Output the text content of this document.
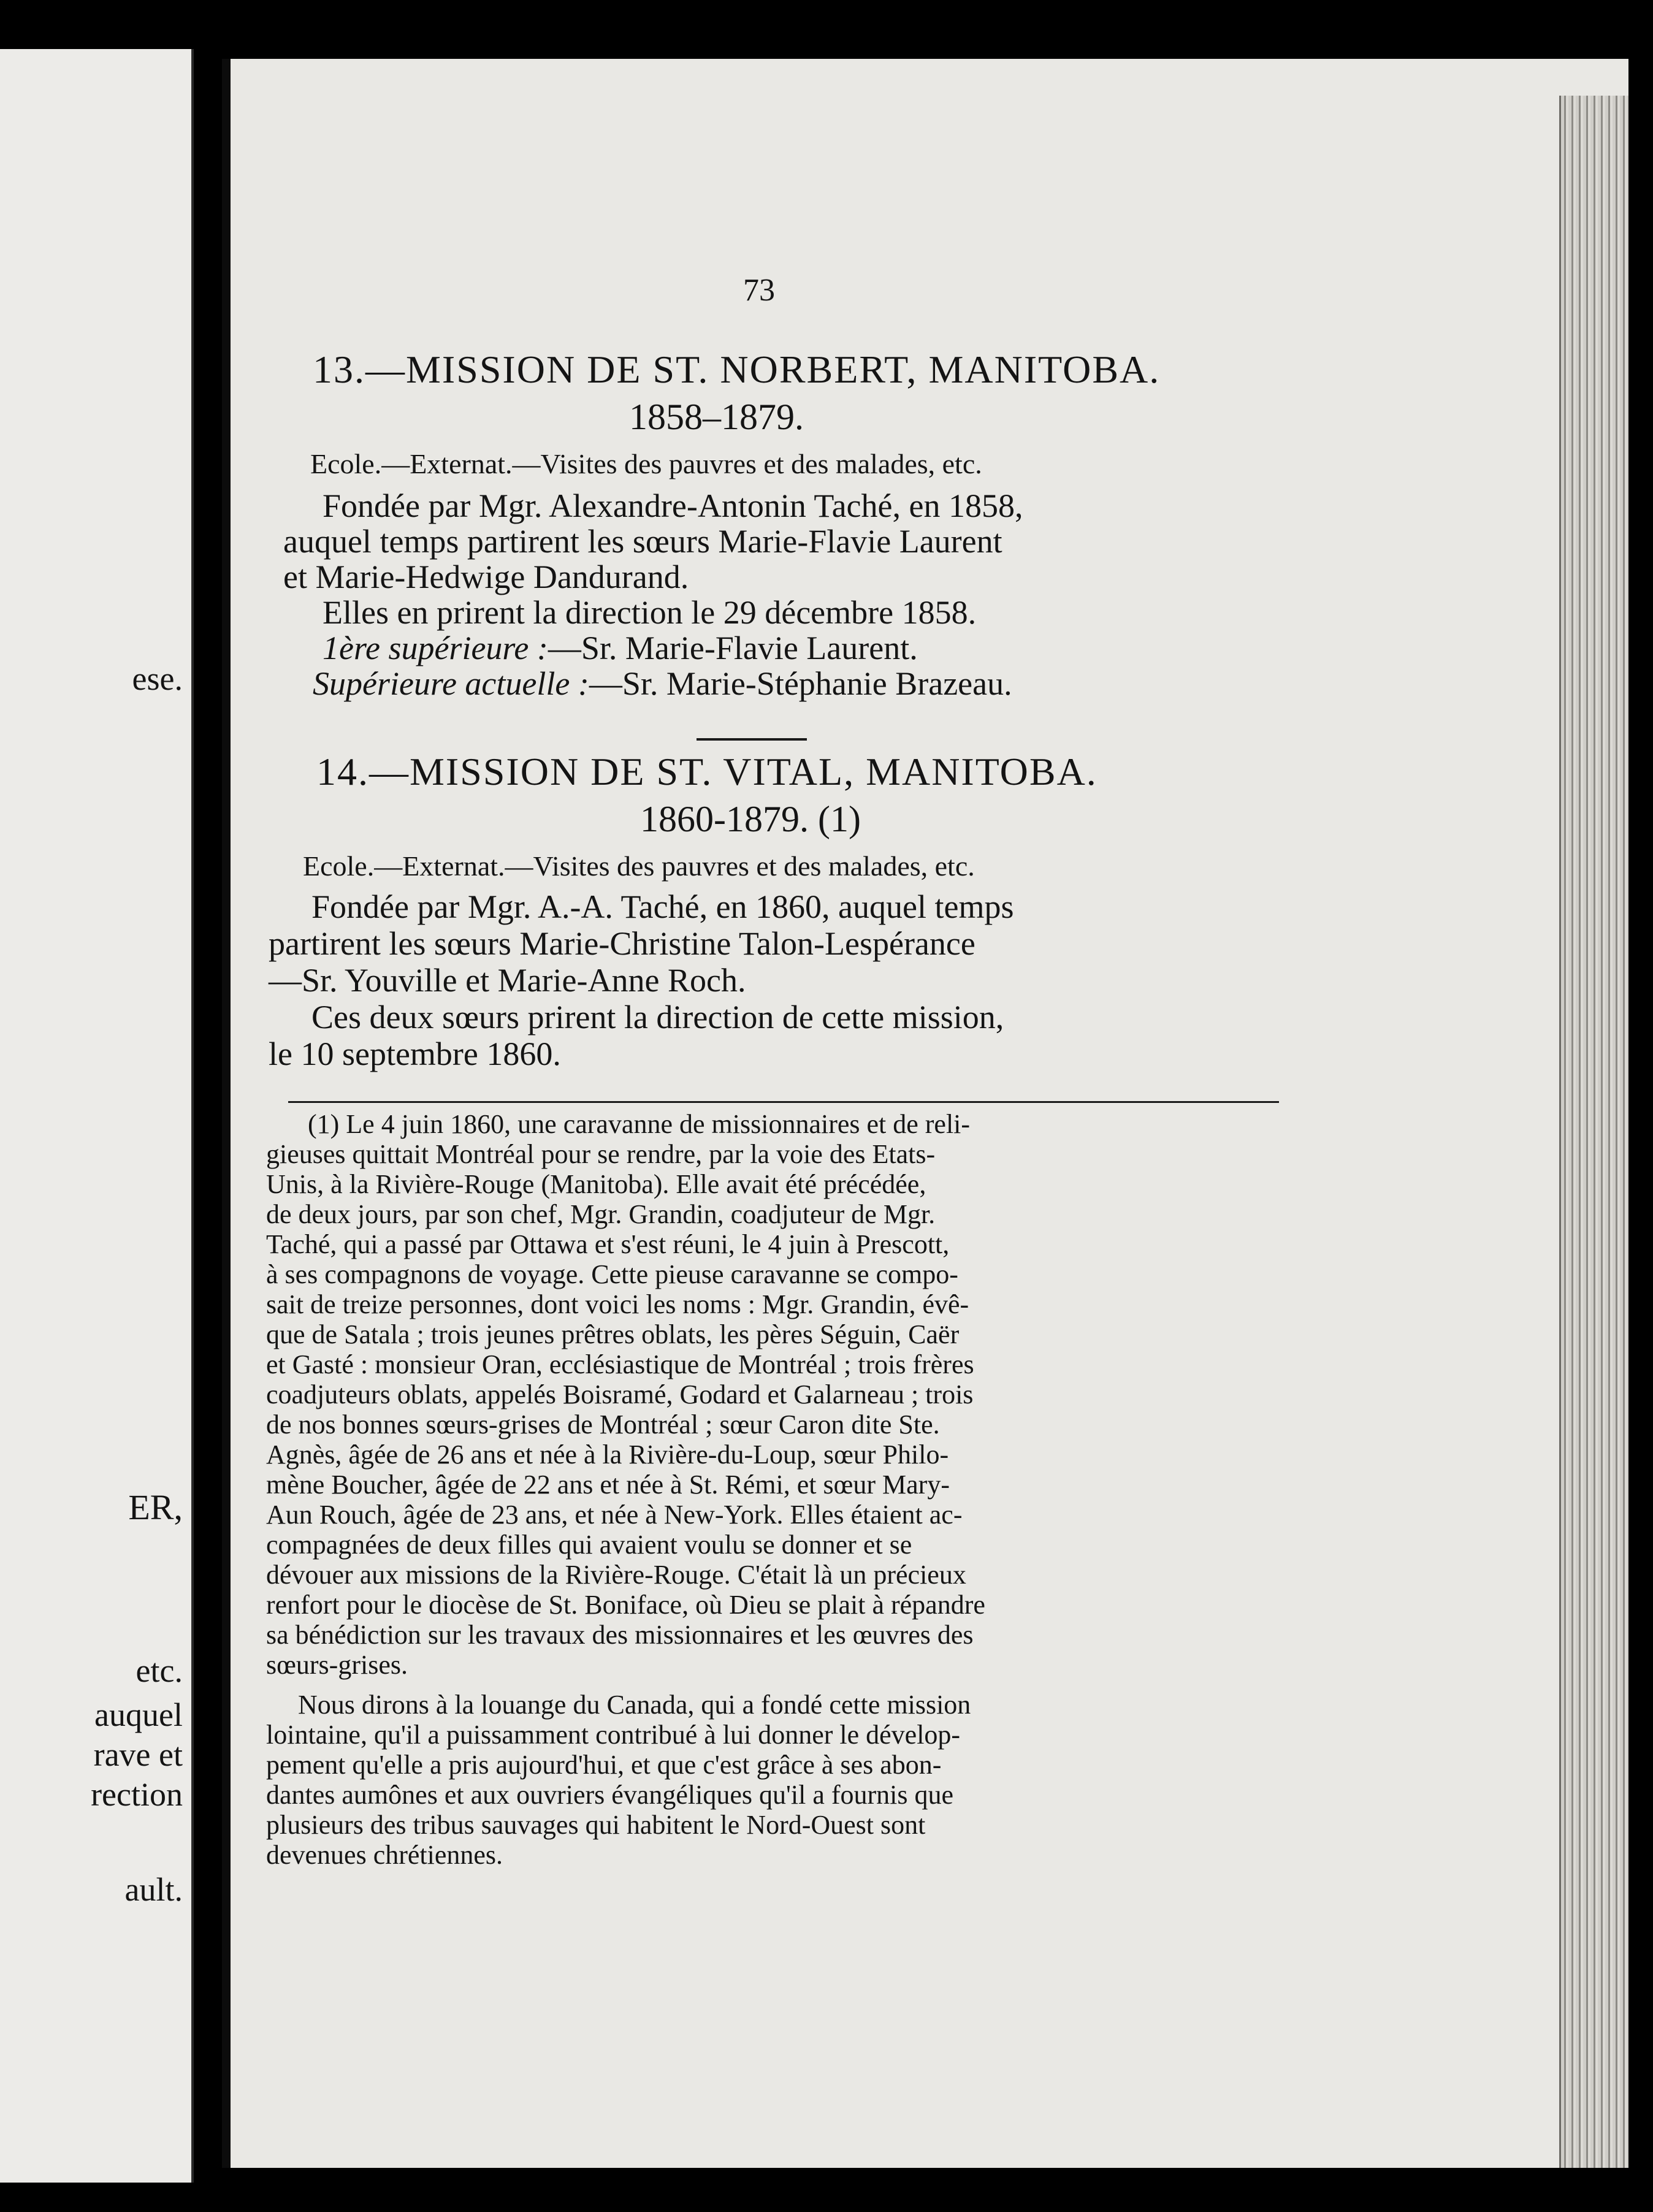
ese.
ER,
etc.
auquel
rave et
rection
ault.
73
13.—MISSION DE ST. NORBERT, MANITOBA.
1858–1879.
Ecole.—Externat.—Visites des pauvres et des malades, etc.
Fondée par Mgr. Alexandre-Antonin Taché, en 1858,
auquel temps partirent les sœurs Marie-Flavie Laurent
et Marie-Hedwige Dandurand.
Elles en prirent la direction le 29 décembre 1858.
1ère supérieure :—Sr. Marie-Flavie Laurent.
Supérieure actuelle :—Sr. Marie-Stéphanie Brazeau.
14.—MISSION DE ST. VITAL, MANITOBA.
1860-1879. (1)
Ecole.—Externat.—Visites des pauvres et des malades, etc.
Fondée par Mgr. A.-A. Taché, en 1860, auquel temps
partirent les sœurs Marie-Christine Talon-Lespérance
—Sr. Youville et Marie-Anne Roch.
Ces deux sœurs prirent la direction de cette mission,
le 10 septembre 1860.
(1) Le 4 juin 1860, une caravanne de missionnaires et de reli-
gieuses quittait Montréal pour se rendre, par la voie des Etats-
Unis, à la Rivière-Rouge (Manitoba). Elle avait été précédée,
de deux jours, par son chef, Mgr. Grandin, coadjuteur de Mgr.
Taché, qui a passé par Ottawa et s'est réuni, le 4 juin à Prescott,
à ses compagnons de voyage. Cette pieuse caravanne se compo-
sait de treize personnes, dont voici les noms : Mgr. Grandin, évê-
que de Satala ; trois jeunes prêtres oblats, les pères Séguin, Caër
et Gasté : monsieur Oran, ecclésiastique de Montréal ; trois frères
coadjuteurs oblats, appelés Boisramé, Godard et Galarneau ; trois
de nos bonnes sœurs-grises de Montréal ; sœur Caron dite Ste.
Agnès, âgée de 26 ans et née à la Rivière-du-Loup, sœur Philo-
mène Boucher, âgée de 22 ans et née à St. Rémi, et sœur Mary-
Aun Rouch, âgée de 23 ans, et née à New-York. Elles étaient ac-
compagnées de deux filles qui avaient voulu se donner et se
dévouer aux missions de la Rivière-Rouge. C'était là un précieux
renfort pour le diocèse de St. Boniface, où Dieu se plait à répandre
sa bénédiction sur les travaux des missionnaires et les œuvres des
sœurs-grises.
Nous dirons à la louange du Canada, qui a fondé cette mission
lointaine, qu'il a puissamment contribué à lui donner le dévelop-
pement qu'elle a pris aujourd'hui, et que c'est grâce à ses abon-
dantes aumônes et aux ouvriers évangéliques qu'il a fournis que
plusieurs des tribus sauvages qui habitent le Nord-Ouest sont
devenues chrétiennes.
